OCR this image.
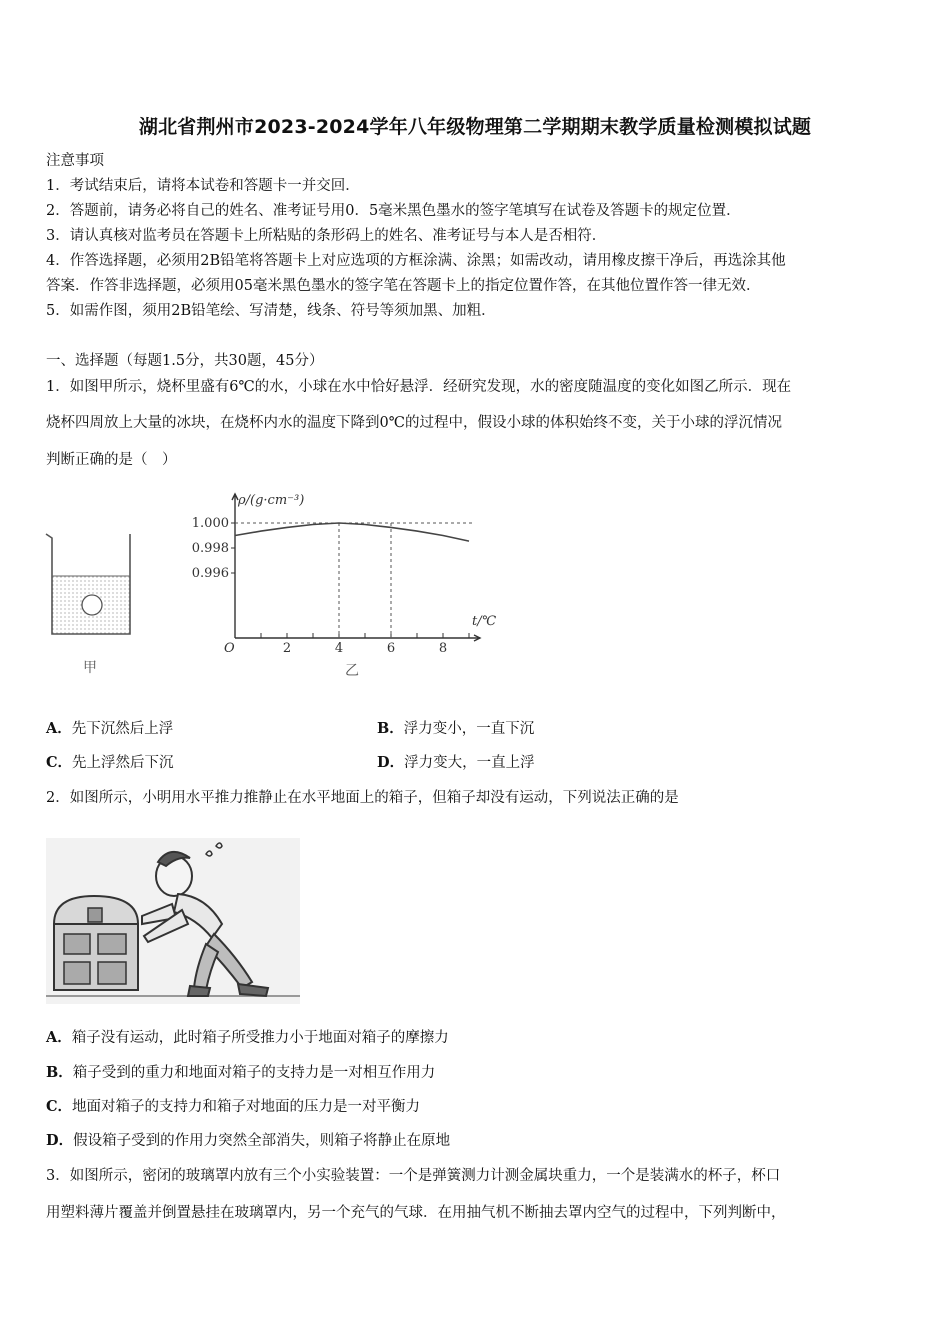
湖北省荆州市2023-2024学年八年级物理第二学期期末教学质量检测模拟试题
注意事项
1．考试结束后，请将本试卷和答题卡一并交回．
2．答题前，请务必将自己的姓名、准考证号用0．5毫米黑色墨水的签字笔填写在试卷及答题卡的规定位置．
3．请认真核对监考员在答题卡上所粘贴的条形码上的姓名、准考证号与本人是否相符．
4．作答选择题，必须用2B铅笔将答题卡上对应选项的方框涂满、涂黑；如需改动，请用橡皮擦干净后，再选涂其他
答案．作答非选择题，必须用05毫米黑色墨水的签字笔在答题卡上的指定位置作答，在其他位置作答一律无效．
5．如需作图，须用2B铅笔绘、写清楚，线条、符号等须加黑、加粗．
一、选择题（每题1.5分，共30题，45分）
1．如图甲所示，烧杯里盛有6℃的水，小球在水中恰好悬浮．经研究发现，水的密度随温度的变化如图乙所示．现在
烧杯四周放上大量的冰块，在烧杯内水的温度下降到0℃的过程中，假设小球的体积始终不变，关于小球的浮沉情况
判断正确的是（　）
甲
2	4	6	8
1.000
0.998
0.996
ρ/(g·cm⁻³)
t/℃
O
乙
A．先下沉然后上浮	B．浮力变小，一直下沉
C．先上浮然后下沉	D．浮力变大，一直上浮
2．如图所示，小明用水平推力推静止在水平地面上的箱子，但箱子却没有运动，下列说法正确的是
A．箱子没有运动，此时箱子所受推力小于地面对箱子的摩擦力
B．箱子受到的重力和地面对箱子的支持力是一对相互作用力
C．地面对箱子的支持力和箱子对地面的压力是一对平衡力
D．假设箱子受到的作用力突然全部消失，则箱子将静止在原地
3．如图所示，密闭的玻璃罩内放有三个小实验装置：一个是弹簧测力计测金属块重力，一个是装满水的杯子，杯口
用塑料薄片覆盖并倒置悬挂在玻璃罩内，另一个充气的气球．在用抽气机不断抽去罩内空气的过程中，下列判断中，
